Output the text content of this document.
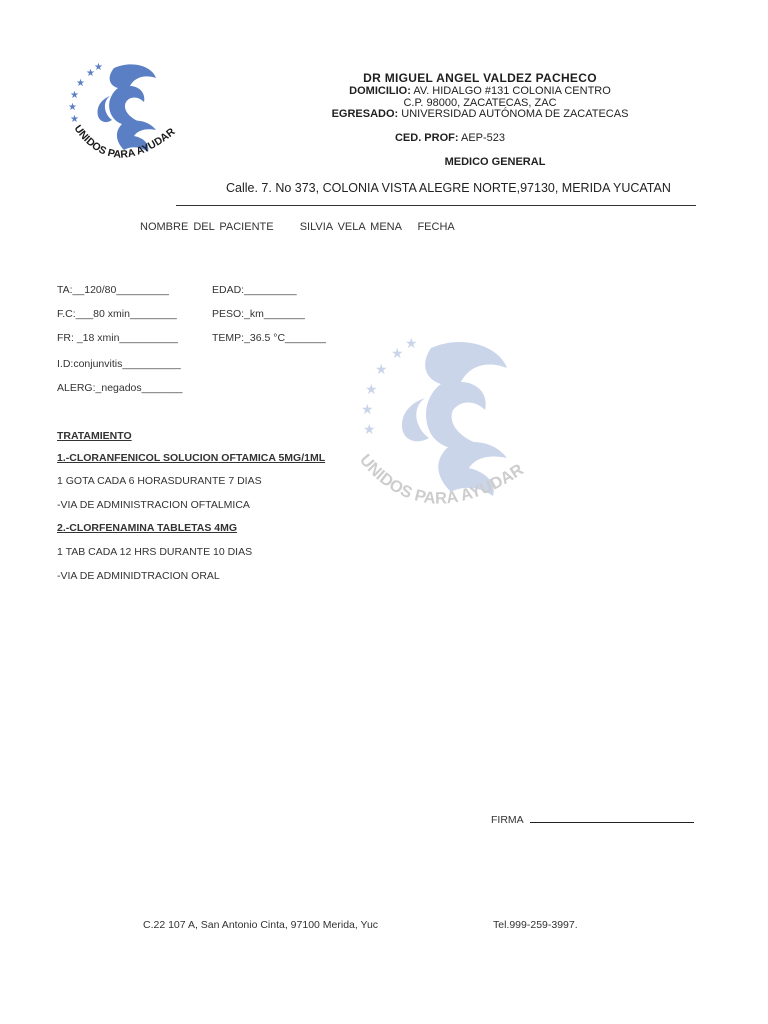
★
★
★
★
★
★
UNIDOS PARA AYUDAR
★
★
★
★
★
★
UNIDOS PARA AYUDAR
DR MIGUEL ANGEL VALDEZ PACHECO
DOMICILIO: AV. HIDALGO #131 COLONIA CENTRO
C.P. 98000, ZACATECAS, ZAC
EGRESADO: UNIVERSIDAD AUTÓNOMA DE ZACATECAS
CED. PROF: AEP-523
MEDICO GENERAL
Calle. 7. No 373, COLONIA VISTA ALEGRE NORTE,97130, MERIDA YUCATAN
NOMBRE DEL PACIENTE SILVIA VELA MENA FECHA
TA:__120/80_________	EDAD:_________
F.C:___80 xmin________	PESO:_km_______
FR: _18 xmin__________	TEMP:_36.5 °C_______
I.D:conjunvitis__________
ALERG:_negados_______
TRATAMIENTO
1.-CLORANFENICOL SOLUCION OFTAMICA 5MG/1ML
1 GOTA CADA 6 HORASDURANTE 7 DIAS
-VIA DE ADMINISTRACION OFTALMICA
2.-CLORFENAMINA TABLETAS 4MG
1 TAB CADA 12 HRS DURANTE 10 DIAS
-VIA DE ADMINIDTRACION ORAL
FIRMA
C.22 107 A, San Antonio Cinta, 97100 Merida, Yuc	Tel.999-259-3997.
